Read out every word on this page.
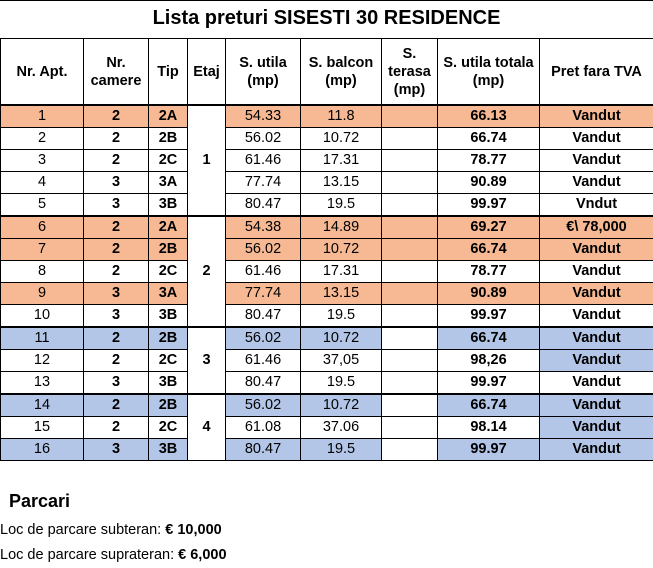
Lista preturi SISESTI 30 RESIDENCE
Nr. Apt.	Nr. camere	Tip	Etaj	S. utila (mp)	S. balcon (mp)	S. terasa (mp)	S. utila totala (mp)	Pret fara TVA
1	2	2A	1	54.33	11.8		66.13	Vandut
2	2	2B		56.02	10.72		66.74	Vandut
3	2	2C		61.46	17.31		78.77	Vandut
4	3	3A		77.74	13.15		90.89	Vandut
5	3	3B		80.47	19.5		99.97	Vndut
6	2	2A	2	54.38	14.89		69.27	€\ 78,000
7	2	2B		56.02	10.72		66.74	Vandut
8	2	2C		61.46	17.31		78.77	Vandut
9	3	3A		77.74	13.15		90.89	Vandut
10	3	3B		80.47	19.5		99.97	Vandut
11	2	2B	3	56.02	10.72		66.74	Vandut
12	2	2C		61.46	37,05		98,26	Vandut
13	3	3B		80.47	19.5		99.97	Vandut
14	2	2B	4	56.02	10.72		66.74	Vandut
15	2	2C		61.08	37.06		98.14	Vandut
16	3	3B		80.47	19.5		99.97	Vandut
Parcari
Loc de parcare subteran: € 10,000
Loc de parcare suprateran: € 6,000
